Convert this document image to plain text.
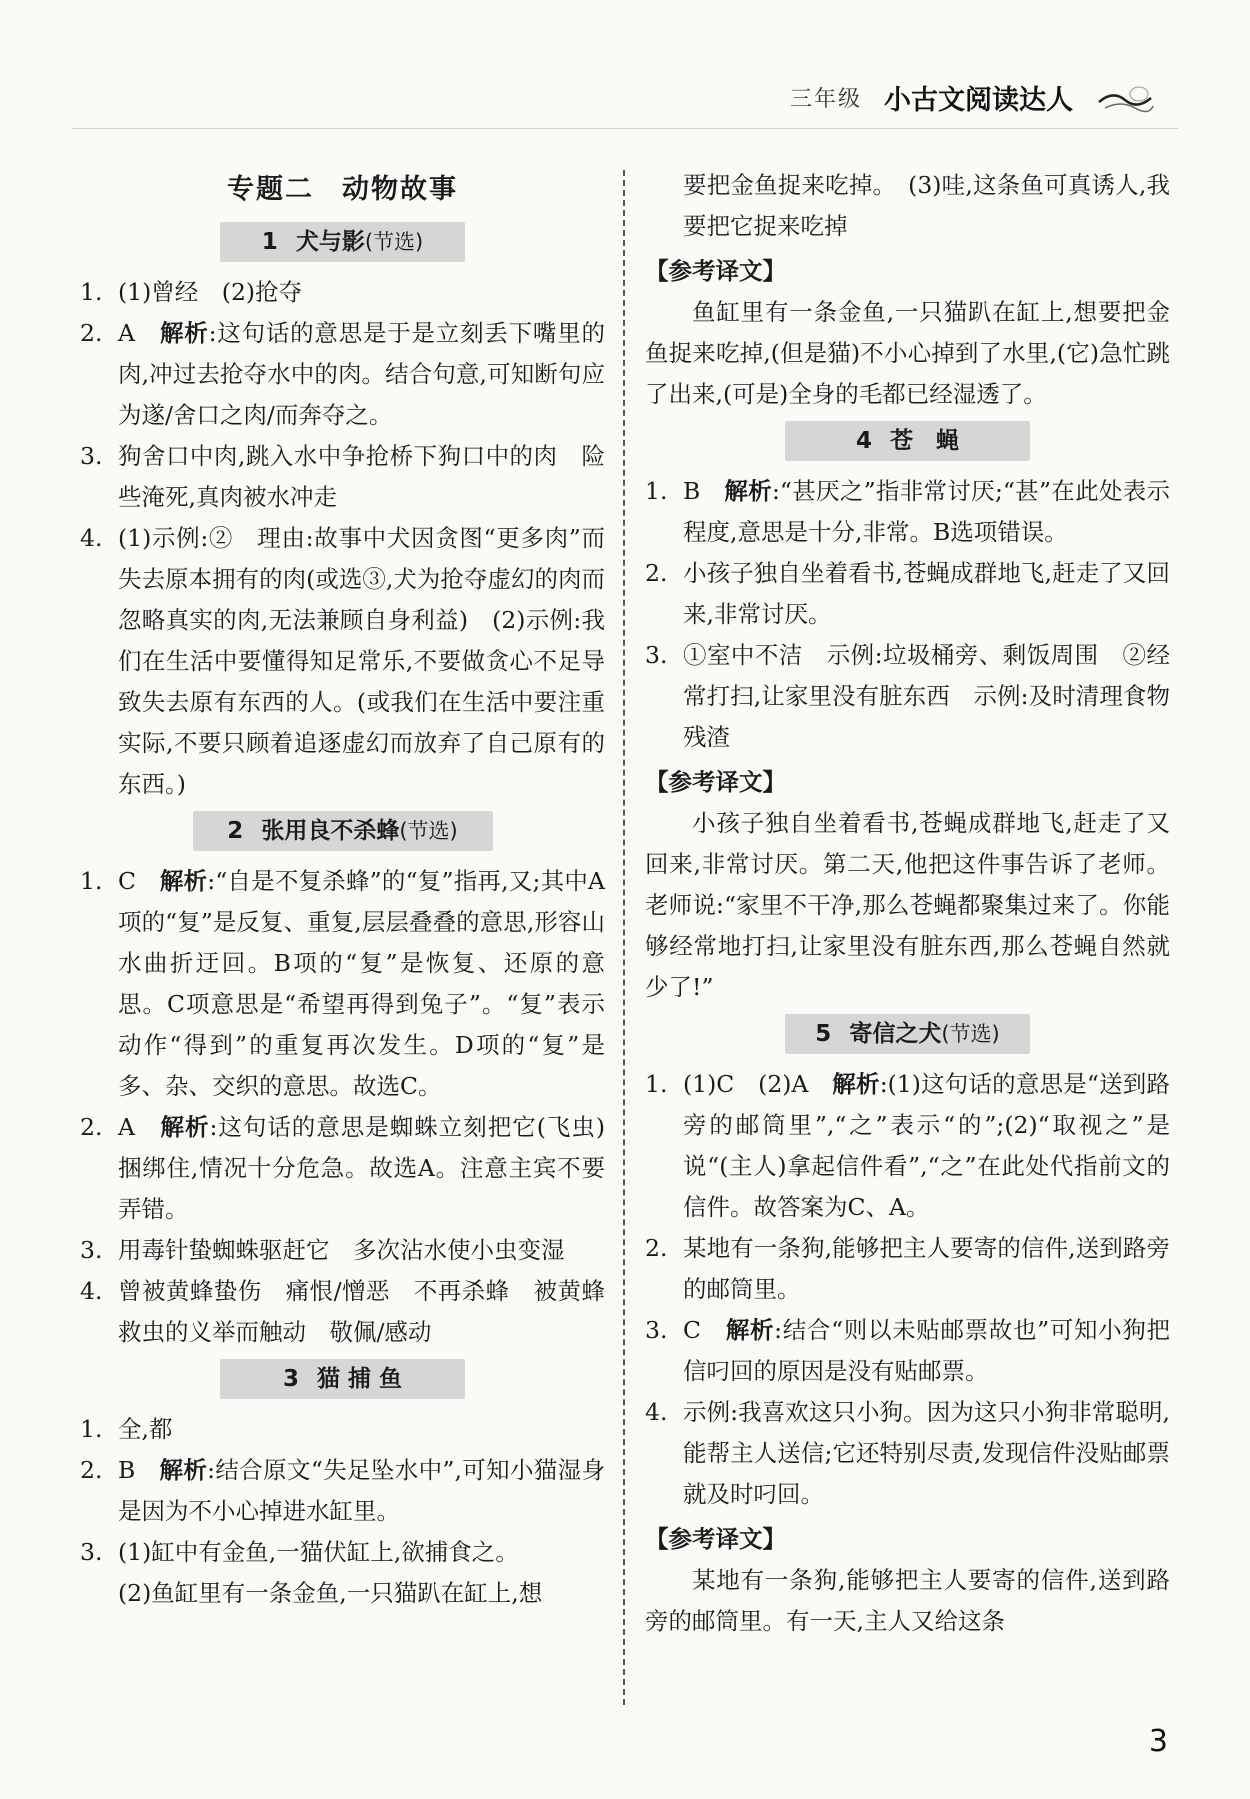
三年级 小古文阅读达人
专题二 动物故事
1 犬与影(节选)
1. (1)曾经　(2)抢夺
2. A　解析:这句话的意思是于是立刻丢下嘴里的肉,冲过去抢夺水中的肉。结合句意,可知断句应为遂/舍口之肉/而奔夺之。
3. 狗舍口中肉,跳入水中争抢桥下狗口中的肉　险些淹死,真肉被水冲走
4. (1)示例:②　理由:故事中犬因贪图“更多肉”而失去原本拥有的肉(或选③,犬为抢夺虚幻的肉而忽略真实的肉,无法兼顾自身利益)　(2)示例:我们在生活中要懂得知足常乐,不要做贪心不足导致失去原有东西的人。(或我们在生活中要注重实际,不要只顾着追逐虚幻而放弃了自己原有的东西。)
2 张用良不杀蜂(节选)
1. C　解析:“自是不复杀蜂”的“复”指再,又;其中A项的“复”是反复、重复,层层叠叠的意思,形容山水曲折迂回。B项的“复”是恢复、还原的意思。C项意思是“希望再得到兔子”。“复”表示动作“得到”的重复再次发生。D项的“复”是多、杂、交织的意思。故选C。
2. A　解析:这句话的意思是蜘蛛立刻把它(飞虫)捆绑住,情况十分危急。故选A。注意主宾不要弄错。
3. 用毒针蛰蜘蛛驱赶它　多次沾水使小虫变湿
4. 曾被黄蜂蛰伤　痛恨/憎恶　不再杀蜂　被黄蜂救虫的义举而触动　敬佩/感动
3 猫 捕 鱼
1. 全,都
2. B　解析:结合原文“失足坠水中”,可知小猫湿身是因为不小心掉进水缸里。
3. (1)缸中有金鱼,一猫伏缸上,欲捕食之。
(2)鱼缸里有一条金鱼,一只猫趴在缸上,想
要把金鱼捉来吃掉。　(3)哇,这条鱼可真诱人,我要把它捉来吃掉
【参考译文】
鱼缸里有一条金鱼,一只猫趴在缸上,想要把金鱼捉来吃掉,(但是猫)不小心掉到了水里,(它)急忙跳了出来,(可是)全身的毛都已经湿透了。
4 苍　蝇
1. B　解析:“甚厌之”指非常讨厌;“甚”在此处表示程度,意思是十分,非常。B选项错误。
2. 小孩子独自坐着看书,苍蝇成群地飞,赶走了又回来,非常讨厌。
3. ①室中不洁　示例:垃圾桶旁、剩饭周围　②经常打扫,让家里没有脏东西　示例:及时清理食物残渣
【参考译文】
小孩子独自坐着看书,苍蝇成群地飞,赶走了又回来,非常讨厌。第二天,他把这件事告诉了老师。老师说:“家里不干净,那么苍蝇都聚集过来了。你能够经常地打扫,让家里没有脏东西,那么苍蝇自然就少了!”
5 寄信之犬(节选)
1. (1)C　(2)A　解析:(1)这句话的意思是“送到路旁的邮筒里”,“之”表示“的”;(2)“取视之”是说“(主人)拿起信件看”,“之”在此处代指前文的信件。故答案为C、A。
2. 某地有一条狗,能够把主人要寄的信件,送到路旁的邮筒里。
3. C　解析:结合“则以未贴邮票故也”可知小狗把信叼回的原因是没有贴邮票。
4. 示例:我喜欢这只小狗。因为这只小狗非常聪明,能帮主人送信;它还特别尽责,发现信件没贴邮票就及时叼回。
【参考译文】
某地有一条狗,能够把主人要寄的信件,送到路旁的邮筒里。有一天,主人又给这条
3
